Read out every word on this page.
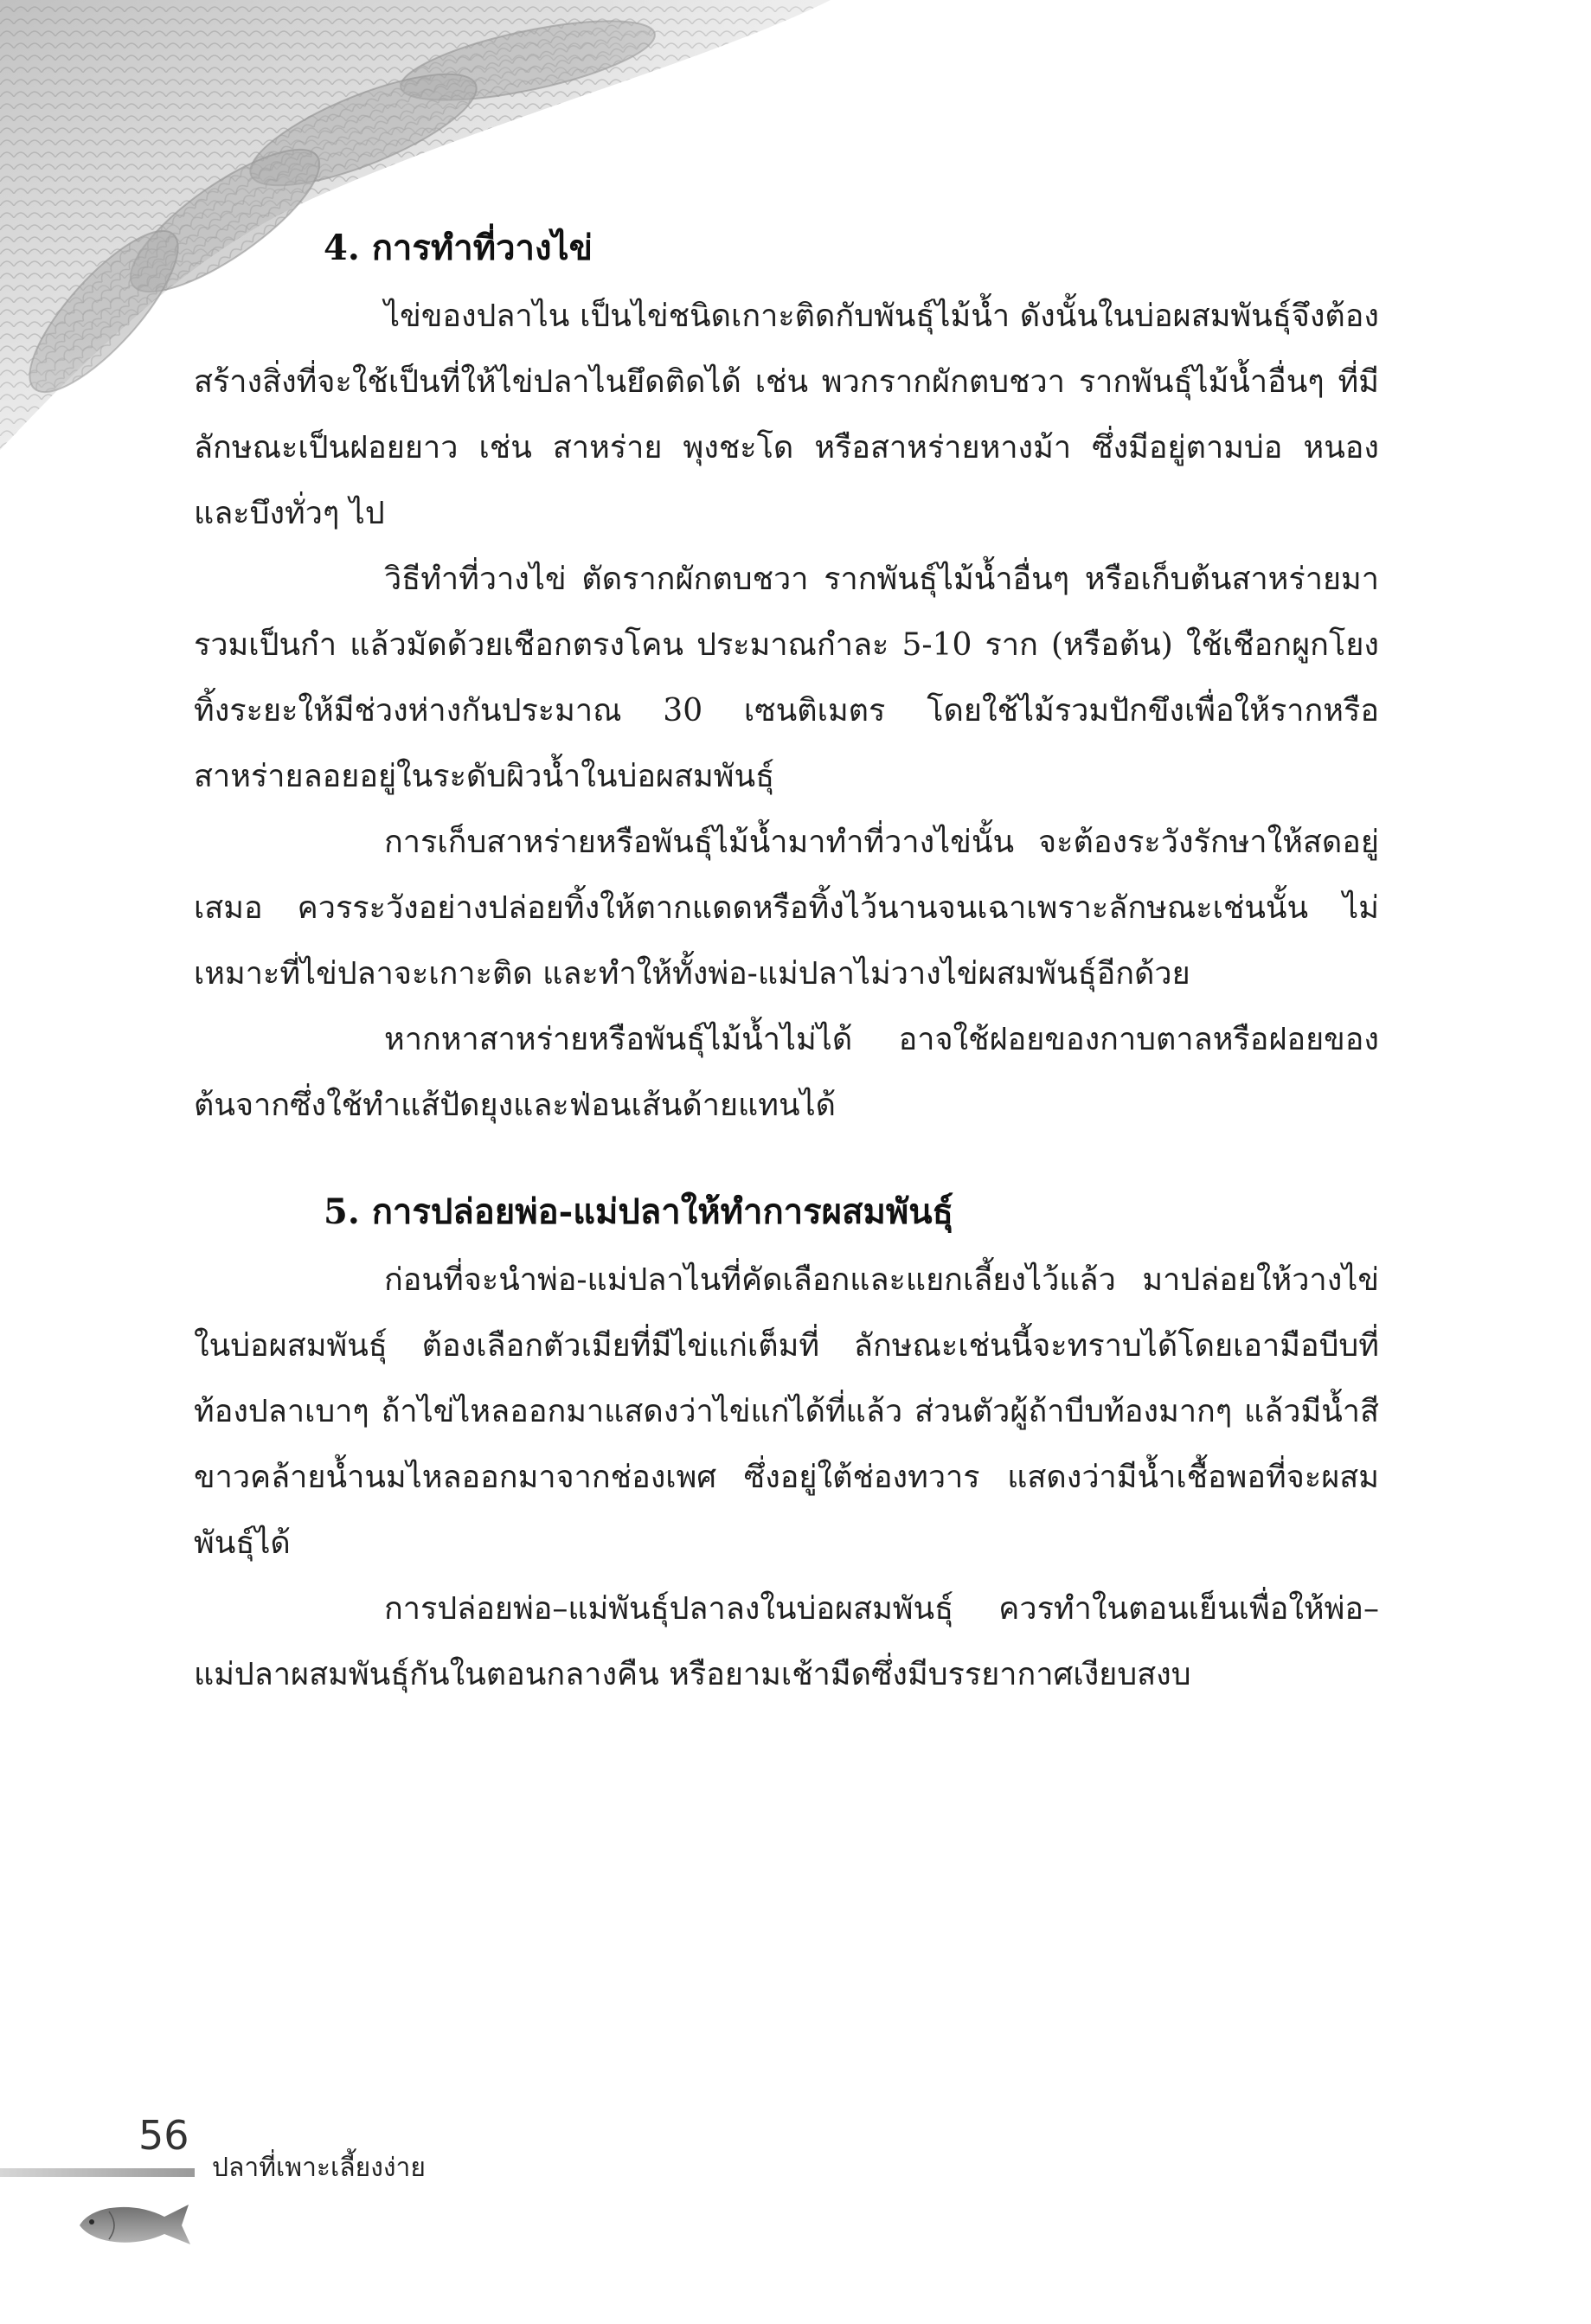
4. การทำที่วางไข่

ไข่ของปลาไน เป็นไข่ชนิดเกาะติดกับพันธุ์ไม้น้ำ ดังนั้นในบ่อผสมพันธุ์จึงต้องสร้างสิ่งที่จะใช้เป็นที่ให้ไข่ปลาไนยึดติดได้ เช่น พวกรากผักตบชวา รากพันธุ์ไม้น้ำอื่นๆ ที่มีลักษณะเป็นฝอยยาว เช่น สาหร่าย พุงชะโด หรือสาหร่ายหางม้า ซึ่งมีอยู่ตามบ่อ หนอง และบึงทั่วๆ ไป

วิธีทำที่วางไข่ ตัดรากผักตบชวา รากพันธุ์ไม้น้ำอื่นๆ หรือเก็บต้นสาหร่ายมารวมเป็นกำ แล้วมัดด้วยเชือกตรงโคน ประมาณกำละ 5-10 ราก (หรือต้น) ใช้เชือกผูกโยงทิ้งระยะให้มีช่วงห่างกันประมาณ 30 เซนติเมตร โดยใช้ไม้รวมปักขึงเพื่อให้รากหรือสาหร่ายลอยอยู่ในระดับผิวน้ำในบ่อผสมพันธุ์

การเก็บสาหร่ายหรือพันธุ์ไม้น้ำมาทำที่วางไข่นั้น จะต้องระวังรักษาให้สดอยู่เสมอ ควรระวังอย่างปล่อยทิ้งให้ตากแดดหรือทิ้งไว้นานจนเฉาเพราะลักษณะเช่นนั้น ไม่เหมาะที่ไข่ปลาจะเกาะติด และทำให้ทั้งพ่อ-แม่ปลาไม่วางไข่ผสมพันธุ์อีกด้วย

หากหาสาหร่ายหรือพันธุ์ไม้น้ำไม่ได้ อาจใช้ฝอยของกาบตาลหรือฝอยของต้นจากซึ่งใช้ทำแส้ปัดยุงและฟ่อนเส้นด้ายแทนได้

5. การปล่อยพ่อ-แม่ปลาให้ทำการผสมพันธุ์

ก่อนที่จะนำพ่อ-แม่ปลาไนที่คัดเลือกและแยกเลี้ยงไว้แล้ว มาปล่อยให้วางไข่ในบ่อผสมพันธุ์ ต้องเลือกตัวเมียที่มีไข่แก่เต็มที่ ลักษณะเช่นนี้จะทราบได้โดยเอามือบีบที่ท้องปลาเบาๆ ถ้าไข่ไหลออกมาแสดงว่าไข่แก่ได้ที่แล้ว ส่วนตัวผู้ถ้าบีบท้องมากๆ แล้วมีน้ำสีขาวคล้ายน้ำนมไหลออกมาจากช่องเพศ ซึ่งอยู่ใต้ช่องทวาร แสดงว่ามีน้ำเชื้อพอที่จะผสมพันธุ์ได้

การปล่อยพ่อ–แม่พันธุ์ปลาลงในบ่อผสมพันธุ์ ควรทำในตอนเย็นเพื่อให้พ่อ–แม่ปลาผสมพันธุ์กันในตอนกลางคืน หรือยามเช้ามืดซึ่งมีบรรยากาศเงียบสงบ

56
ปลาที่เพาะเลี้ยงง่าย
